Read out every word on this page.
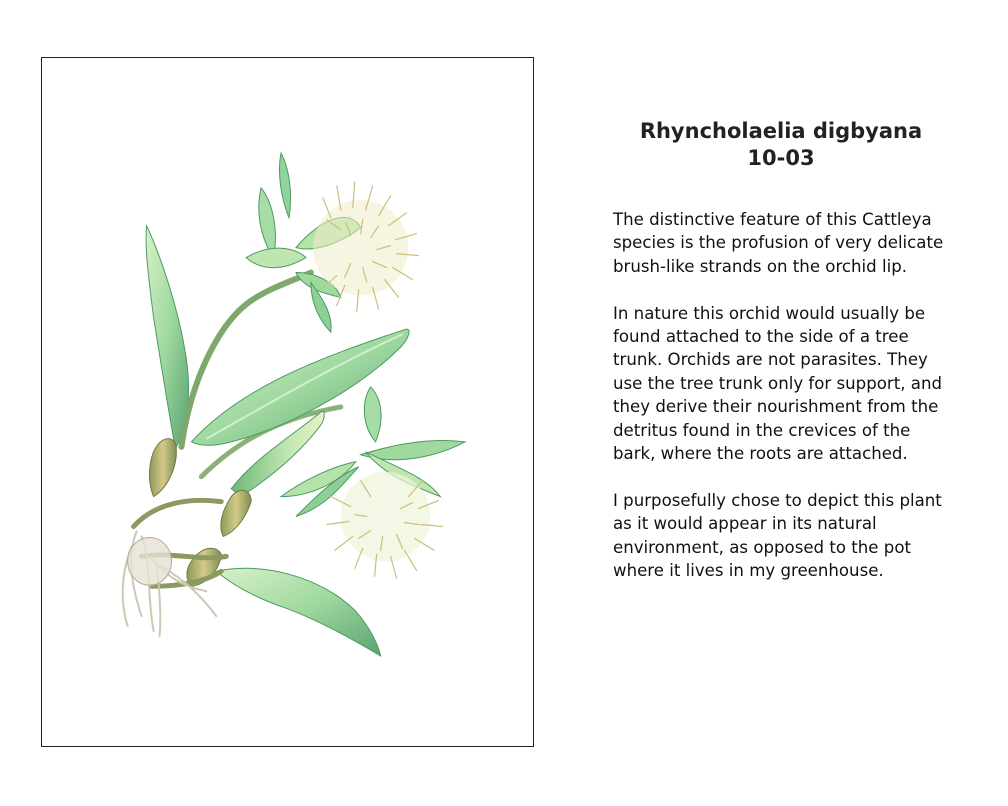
Rhyncholaelia digbyana
10-03

The distinctive feature of this Cattleya species is the profusion of very delicate brush-like strands on the orchid lip.

In nature this orchid would usually be found attached to the side of a tree trunk. Orchids are not parasites. They use the tree trunk only for support, and they derive their nourishment from the detritus found in the crevices of the bark, where the roots are attached.

I purposefully chose to depict this plant as it would appear in its natural environment, as opposed to the pot where it lives in my greenhouse.
